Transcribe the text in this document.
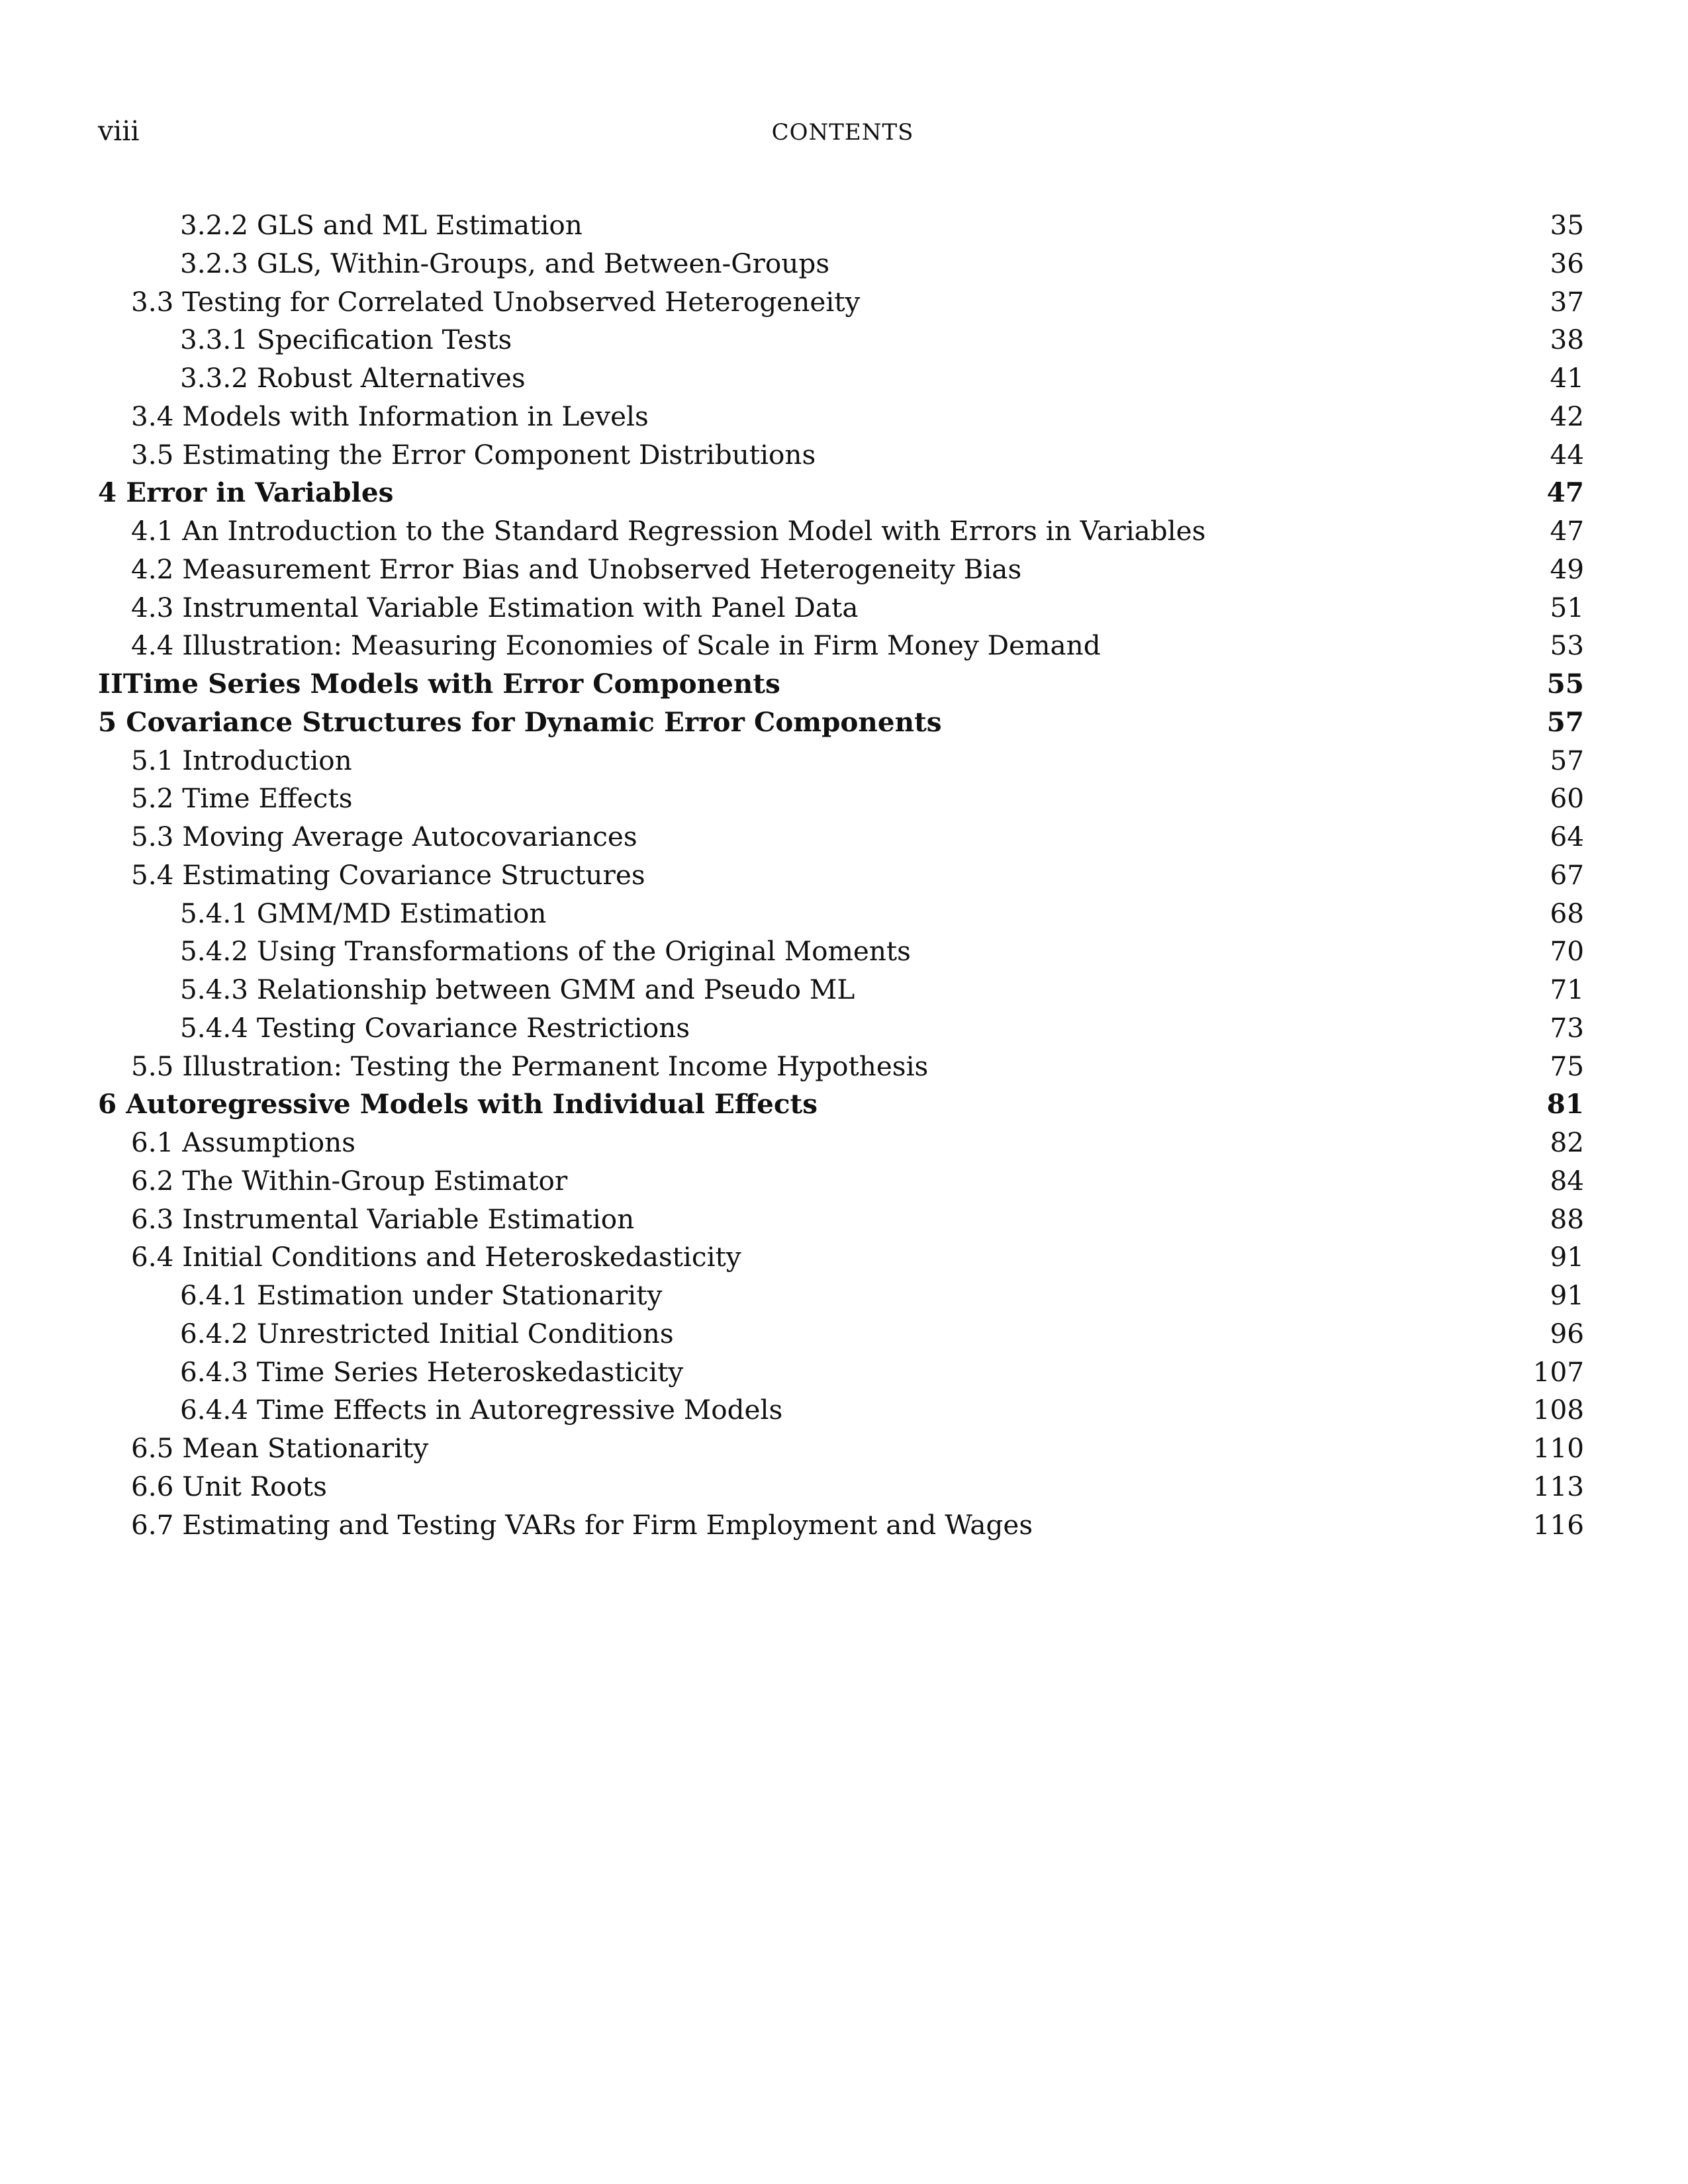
viii	CONTENTS
3.2.2 GLS and ML Estimation	35
3.2.3 GLS, Within-Groups, and Between-Groups	36
3.3 Testing for Correlated Unobserved Heterogeneity	37
3.3.1 Specification Tests	38
3.3.2 Robust Alternatives	41
3.4 Models with Information in Levels	42
3.5 Estimating the Error Component Distributions	44
4 Error in Variables	47
4.1 An Introduction to the Standard Regression Model with Errors in Variables	47
4.2 Measurement Error Bias and Unobserved Heterogeneity Bias	49
4.3 Instrumental Variable Estimation with Panel Data	51
4.4 Illustration: Measuring Economies of Scale in Firm Money Demand	53
IITime Series Models with Error Components	55
5 Covariance Structures for Dynamic Error Components	57
5.1 Introduction	57
5.2 Time Effects	60
5.3 Moving Average Autocovariances	64
5.4 Estimating Covariance Structures	67
5.4.1 GMM/MD Estimation	68
5.4.2 Using Transformations of the Original Moments	70
5.4.3 Relationship between GMM and Pseudo ML	71
5.4.4 Testing Covariance Restrictions	73
5.5 Illustration: Testing the Permanent Income Hypothesis	75
6 Autoregressive Models with Individual Effects	81
6.1 Assumptions	82
6.2 The Within-Group Estimator	84
6.3 Instrumental Variable Estimation	88
6.4 Initial Conditions and Heteroskedasticity	91
6.4.1 Estimation under Stationarity	91
6.4.2 Unrestricted Initial Conditions	96
6.4.3 Time Series Heteroskedasticity	107
6.4.4 Time Effects in Autoregressive Models	108
6.5 Mean Stationarity	110
6.6 Unit Roots	113
6.7 Estimating and Testing VARs for Firm Employment and Wages	116
